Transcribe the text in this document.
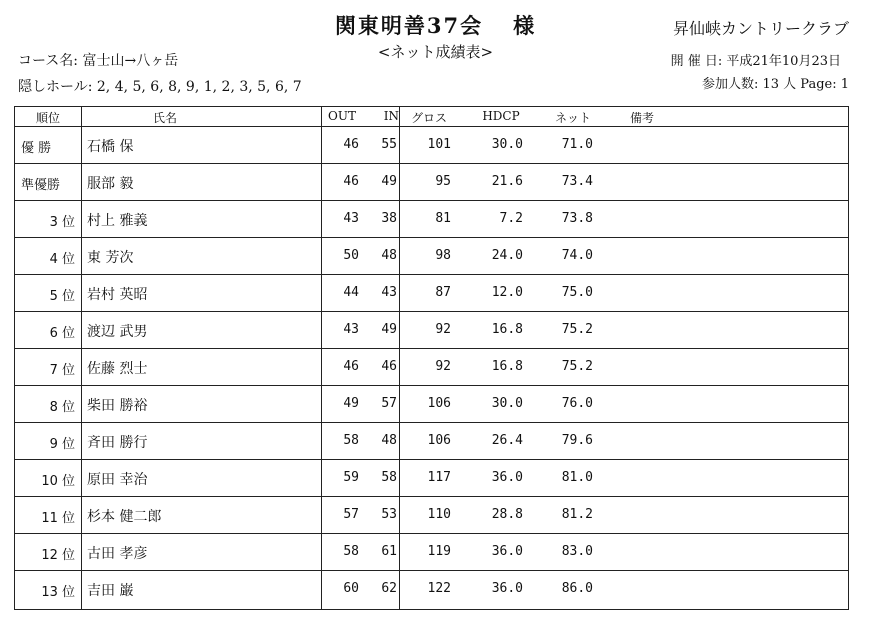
関東明善37会 様
<ネット成績表>
昇仙峡カントリークラブ
コース名: 富士山→八ヶ岳
隠しホール: 2, 4, 5, 6, 8, 9, 1, 2, 3, 5, 6, 7
開 催 日: 平成21年10月23日
参加人数: 13 人 Page: 1
順位	氏名	OUT	IN グロス	HDCP	ネット	備考
優 勝	石橋 保	46	55	101	30.0	71.0
準優勝	服部 毅	46	49	95	21.6	73.4
3 位 村上 雅義	43	38	81	7.2	73.8
4 位 東 芳次	50	48	98	24.0	74.0
5 位 岩村 英昭	44	43	87	12.0	75.0
6 位 渡辺 武男	43	49	92	16.8	75.2
7 位 佐藤 烈士	46	46	92	16.8	75.2
8 位 柴田 勝裕	49	57	106	30.0	76.0
9 位 斉田 勝行	58	48	106	26.4	79.6
10 位 原田 幸治	59	58	117	36.0	81.0
11 位 杉本 健二郎	57	53	110	28.8	81.2
12 位 古田 孝彦	58	61	119	36.0	83.0
13 位 吉田 巌	60	62	122	36.0	86.0
